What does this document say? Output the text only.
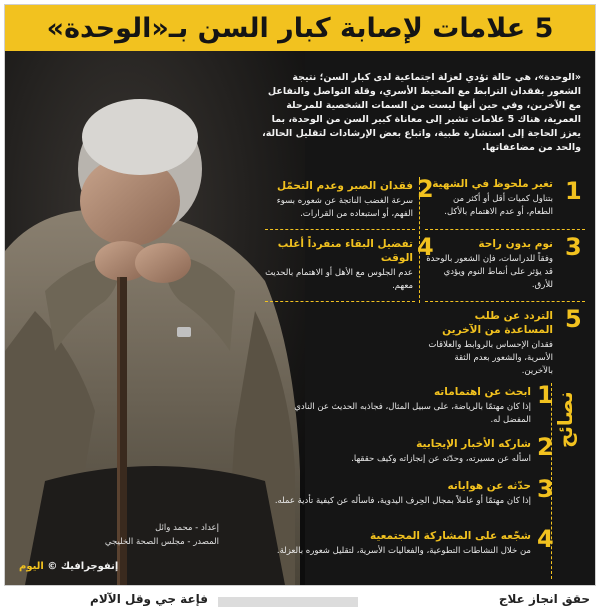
5 علامات لإصابة كبار السن بـ«الوحدة»

«الوحدة»، هي حالة تؤدي لعزلة اجتماعية لدى كبار السن؛ نتيجة الشعور بفقدان الترابط مع المحيط الأسري، وقلة التواصل والتفاعل مع الآخرين، وفي حين أنها ليست من السمات الشخصية للمرحلة العمرية، هناك 5 علامات تشير إلى معاناة كبير السن من الوحدة، بما يعزز الحاجة إلى استشارة طبية، واتباع بعض الإرشادات لتقليل الحالة، والحد من مضاعفاتها.

تغير ملحوظ في الشهية
بتناول كميات أقل أو أكثر من الطعام، أو عدم الاهتمام بالأكل.
1
فقدان الصبر وعدم التحمّل
سرعة الغضب الناتجة عن شعوره بسوء الفهم، أو استبعاده من القرارات.
2
نوم بدون راحة
وفقاً للدراسات، فإن الشعور بالوحدة قد يؤثر على أنماط النوم ويؤدي للأرق.
3
تفضيل البقاء منفرداً أغلب الوقت
عدم الجلوس مع الأهل أو الاهتمام بالحديث معهم.
4
التردد عن طلب المساعدة من الآخرين
فقدان الإحساس بالروابط والعلاقات الأسرية، والشعور بعدم الثقة بالآخرين.
5
نصائح
ابحث عن اهتماماته
إذا كان مهتمًا بالرياضة، على سبيل المثال، فجاذبه الحديث عن النادي المفضل له.
1
شاركه الأخبار الإيجابية
اسأله عن مسيرته، وحدّثه عن إنجازاته وكيف حققها. 2
حدّثه عن هواياته
إذا كان مهتمًا أو عاملاً بمجال الحِرف اليدوية، فاسأله عن كيفية تأدية عمله. 3
شجّعه على المشاركة المجتمعية
من خلال النشاطات التطوعية، والفعاليات الأسرية، لتقليل شعوره بالعزلة. 4
إعداد - محمد وائل
المصدر - مجلس الصحة الخليجي
إنفوجرافيك © اليوم
حقق انجاز علاج
فإعة جي وقل الآلام
